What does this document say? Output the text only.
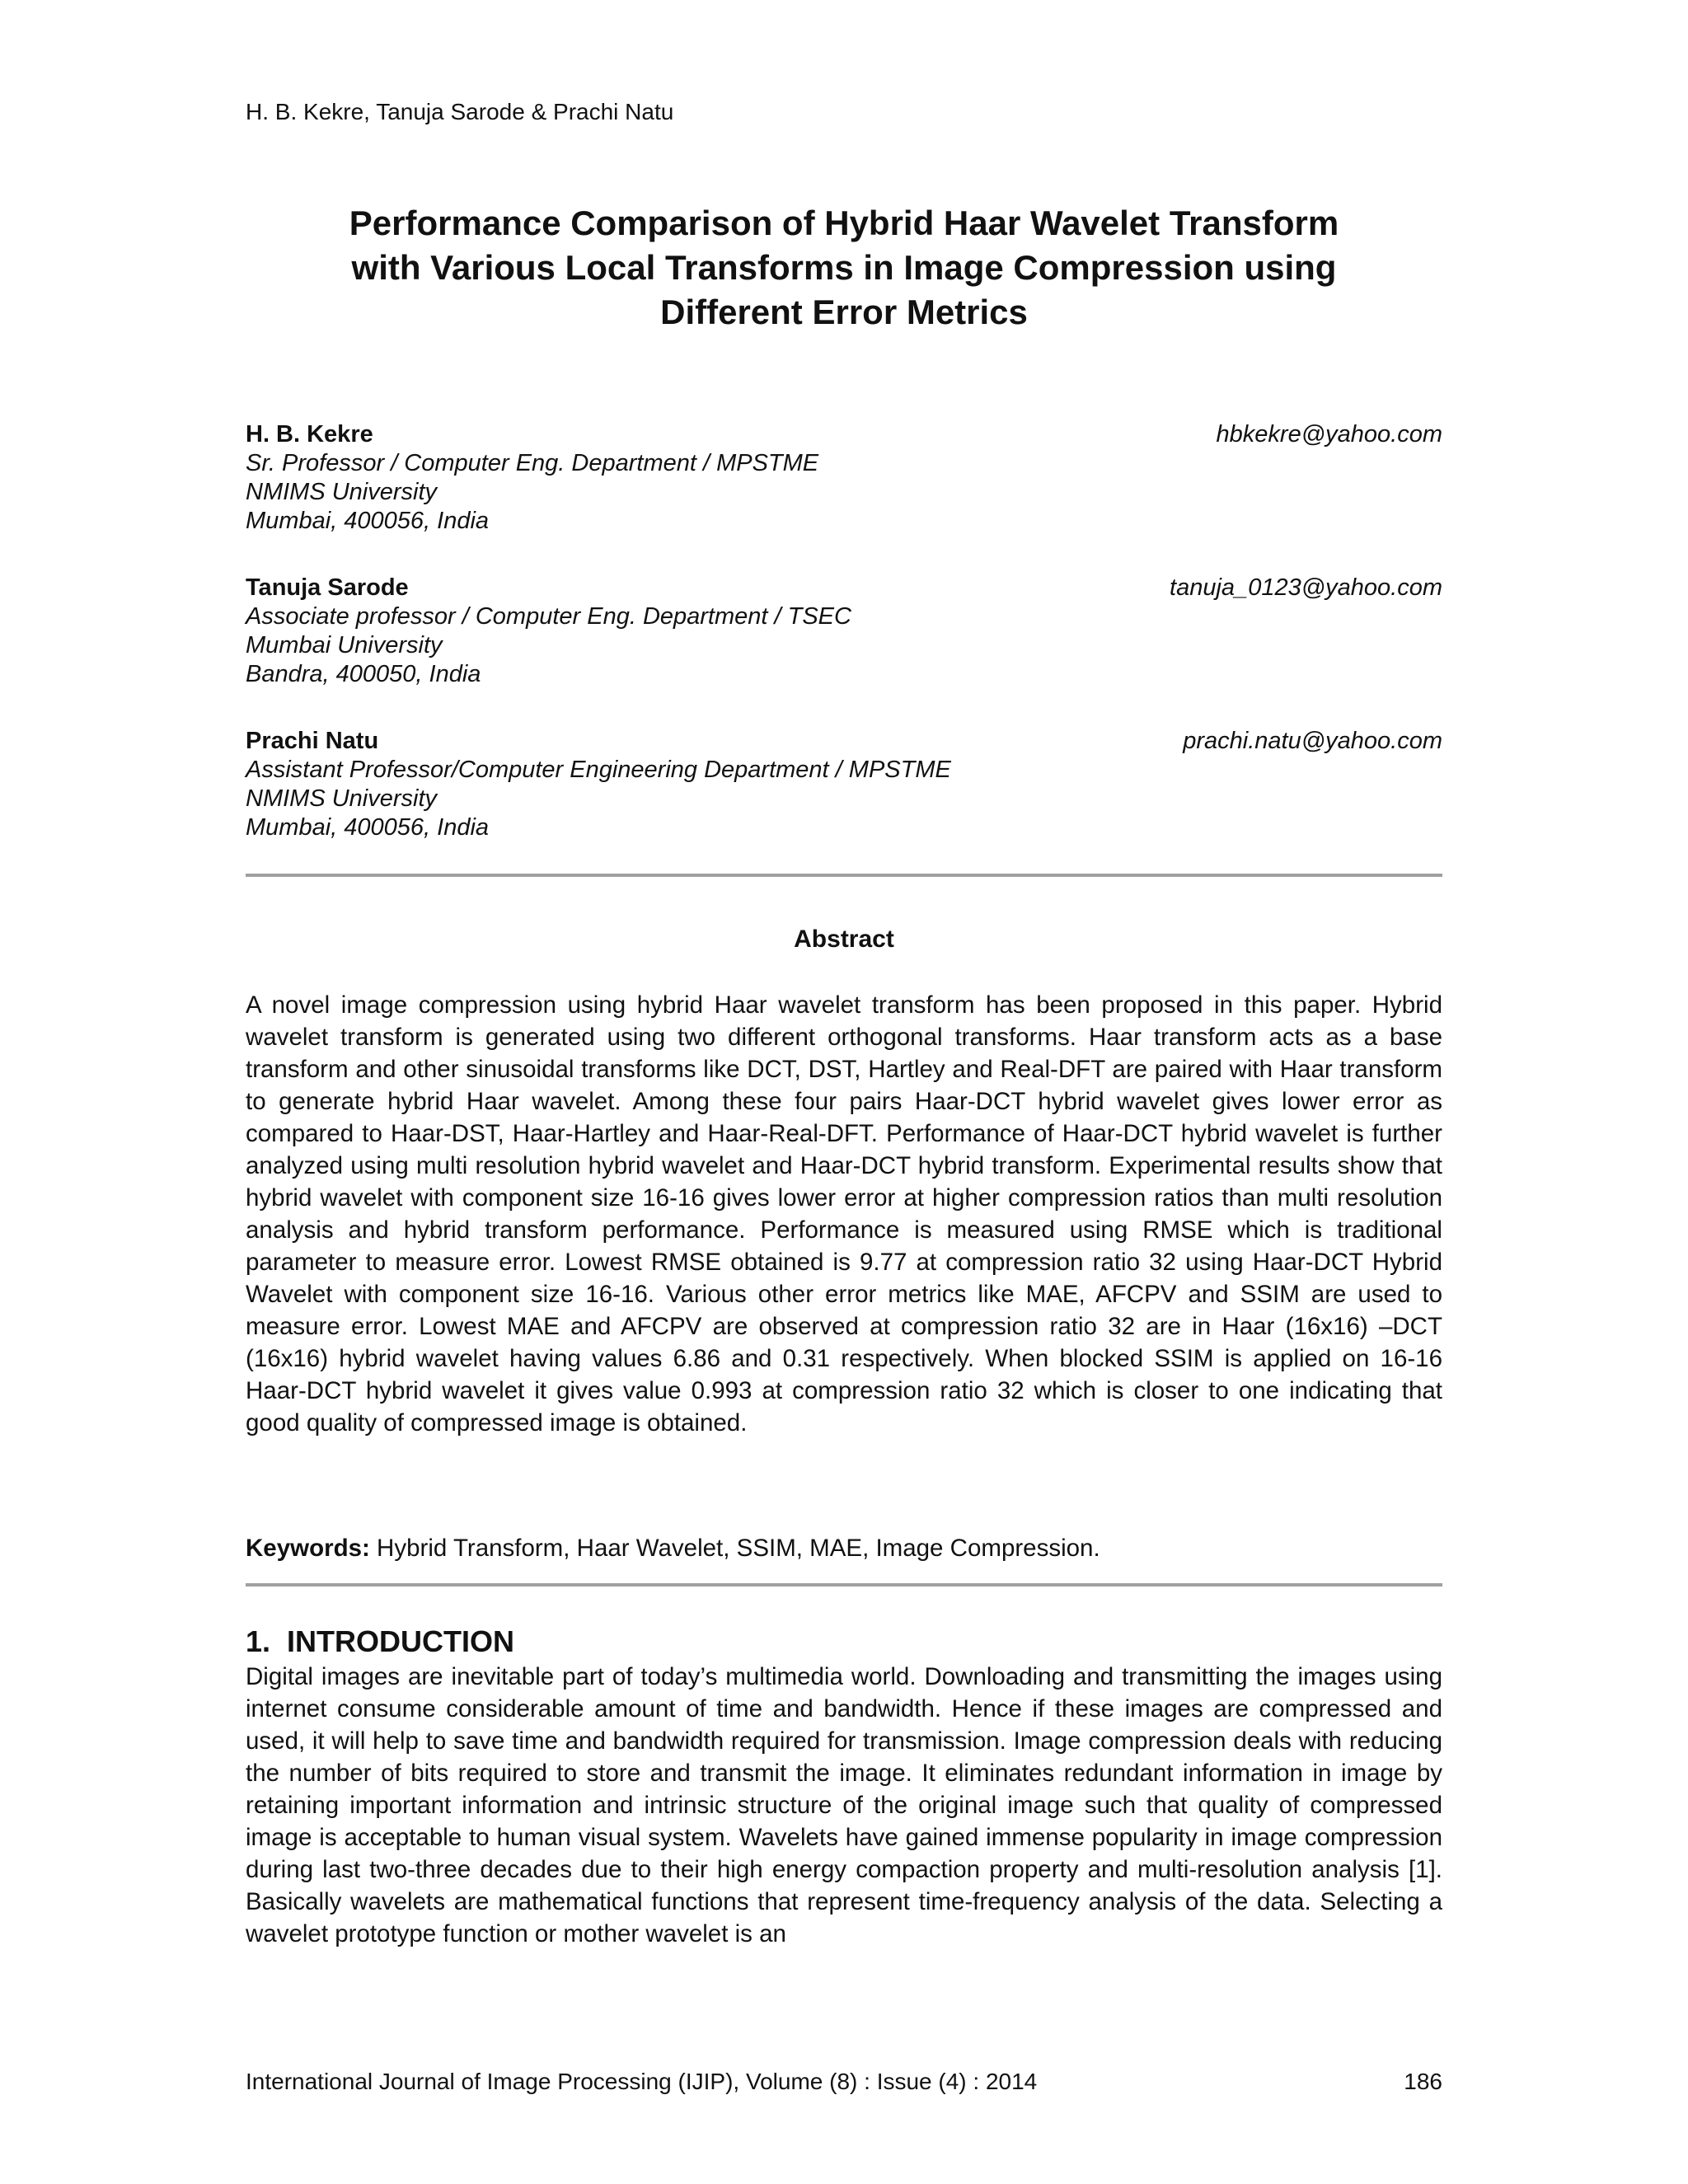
H. B. Kekre, Tanuja Sarode & Prachi Natu
Performance Comparison of Hybrid Haar Wavelet Transform
with Various Local Transforms in Image Compression using
Different Error Metrics
H. B. Kekre	hbkekre@yahoo.com
Sr. Professor / Computer Eng. Department / MPSTME
NMIMS University
Mumbai, 400056, India
Tanuja Sarode	tanuja_0123@yahoo.com
Associate professor / Computer Eng. Department / TSEC
Mumbai University
Bandra, 400050, India
Prachi Natu	prachi.natu@yahoo.com
Assistant Professor/Computer Engineering Department / MPSTME
NMIMS University
Mumbai, 400056, India
Abstract

A novel image compression using hybrid Haar wavelet transform has been proposed in this paper. Hybrid wavelet transform is generated using two different orthogonal transforms. Haar transform acts as a base transform and other sinusoidal transforms like DCT, DST, Hartley and Real-DFT are paired with Haar transform to generate hybrid Haar wavelet. Among these four pairs Haar-DCT hybrid wavelet gives lower error as compared to Haar-DST, Haar-Hartley and Haar-Real-DFT. Performance of Haar-DCT hybrid wavelet is further analyzed using multi resolution hybrid wavelet and Haar-DCT hybrid transform. Experimental results show that hybrid wavelet with component size 16-16 gives lower error at higher compression ratios than multi resolution analysis and hybrid transform performance. Performance is measured using RMSE which is traditional parameter to measure error. Lowest RMSE obtained is 9.77 at compression ratio 32 using Haar-DCT Hybrid Wavelet with component size 16-16. Various other error metrics like MAE, AFCPV and SSIM are used to measure error. Lowest MAE and AFCPV are observed at compression ratio 32 are in Haar (16x16) –DCT (16x16) hybrid wavelet having values 6.86 and 0.31 respectively. When blocked SSIM is applied on 16-16 Haar-DCT hybrid wavelet it gives value 0.993 at compression ratio 32 which is closer to one indicating that good quality of compressed image is obtained.

Keywords: Hybrid Transform, Haar Wavelet, SSIM, MAE, Image Compression.
1. INTRODUCTION

Digital images are inevitable part of today’s multimedia world. Downloading and transmitting the images using internet consume considerable amount of time and bandwidth. Hence if these images are compressed and used, it will help to save time and bandwidth required for transmission. Image compression deals with reducing the number of bits required to store and transmit the image. It eliminates redundant information in image by retaining important information and intrinsic structure of the original image such that quality of compressed image is acceptable to human visual system. Wavelets have gained immense popularity in image compression during last two-three decades due to their high energy compaction property and multi-resolution analysis [1]. Basically wavelets are mathematical functions that represent time-frequency analysis of the data. Selecting a wavelet prototype function or mother wavelet is an

International Journal of Image Processing (IJIP), Volume (8) : Issue (4) : 2014	186
